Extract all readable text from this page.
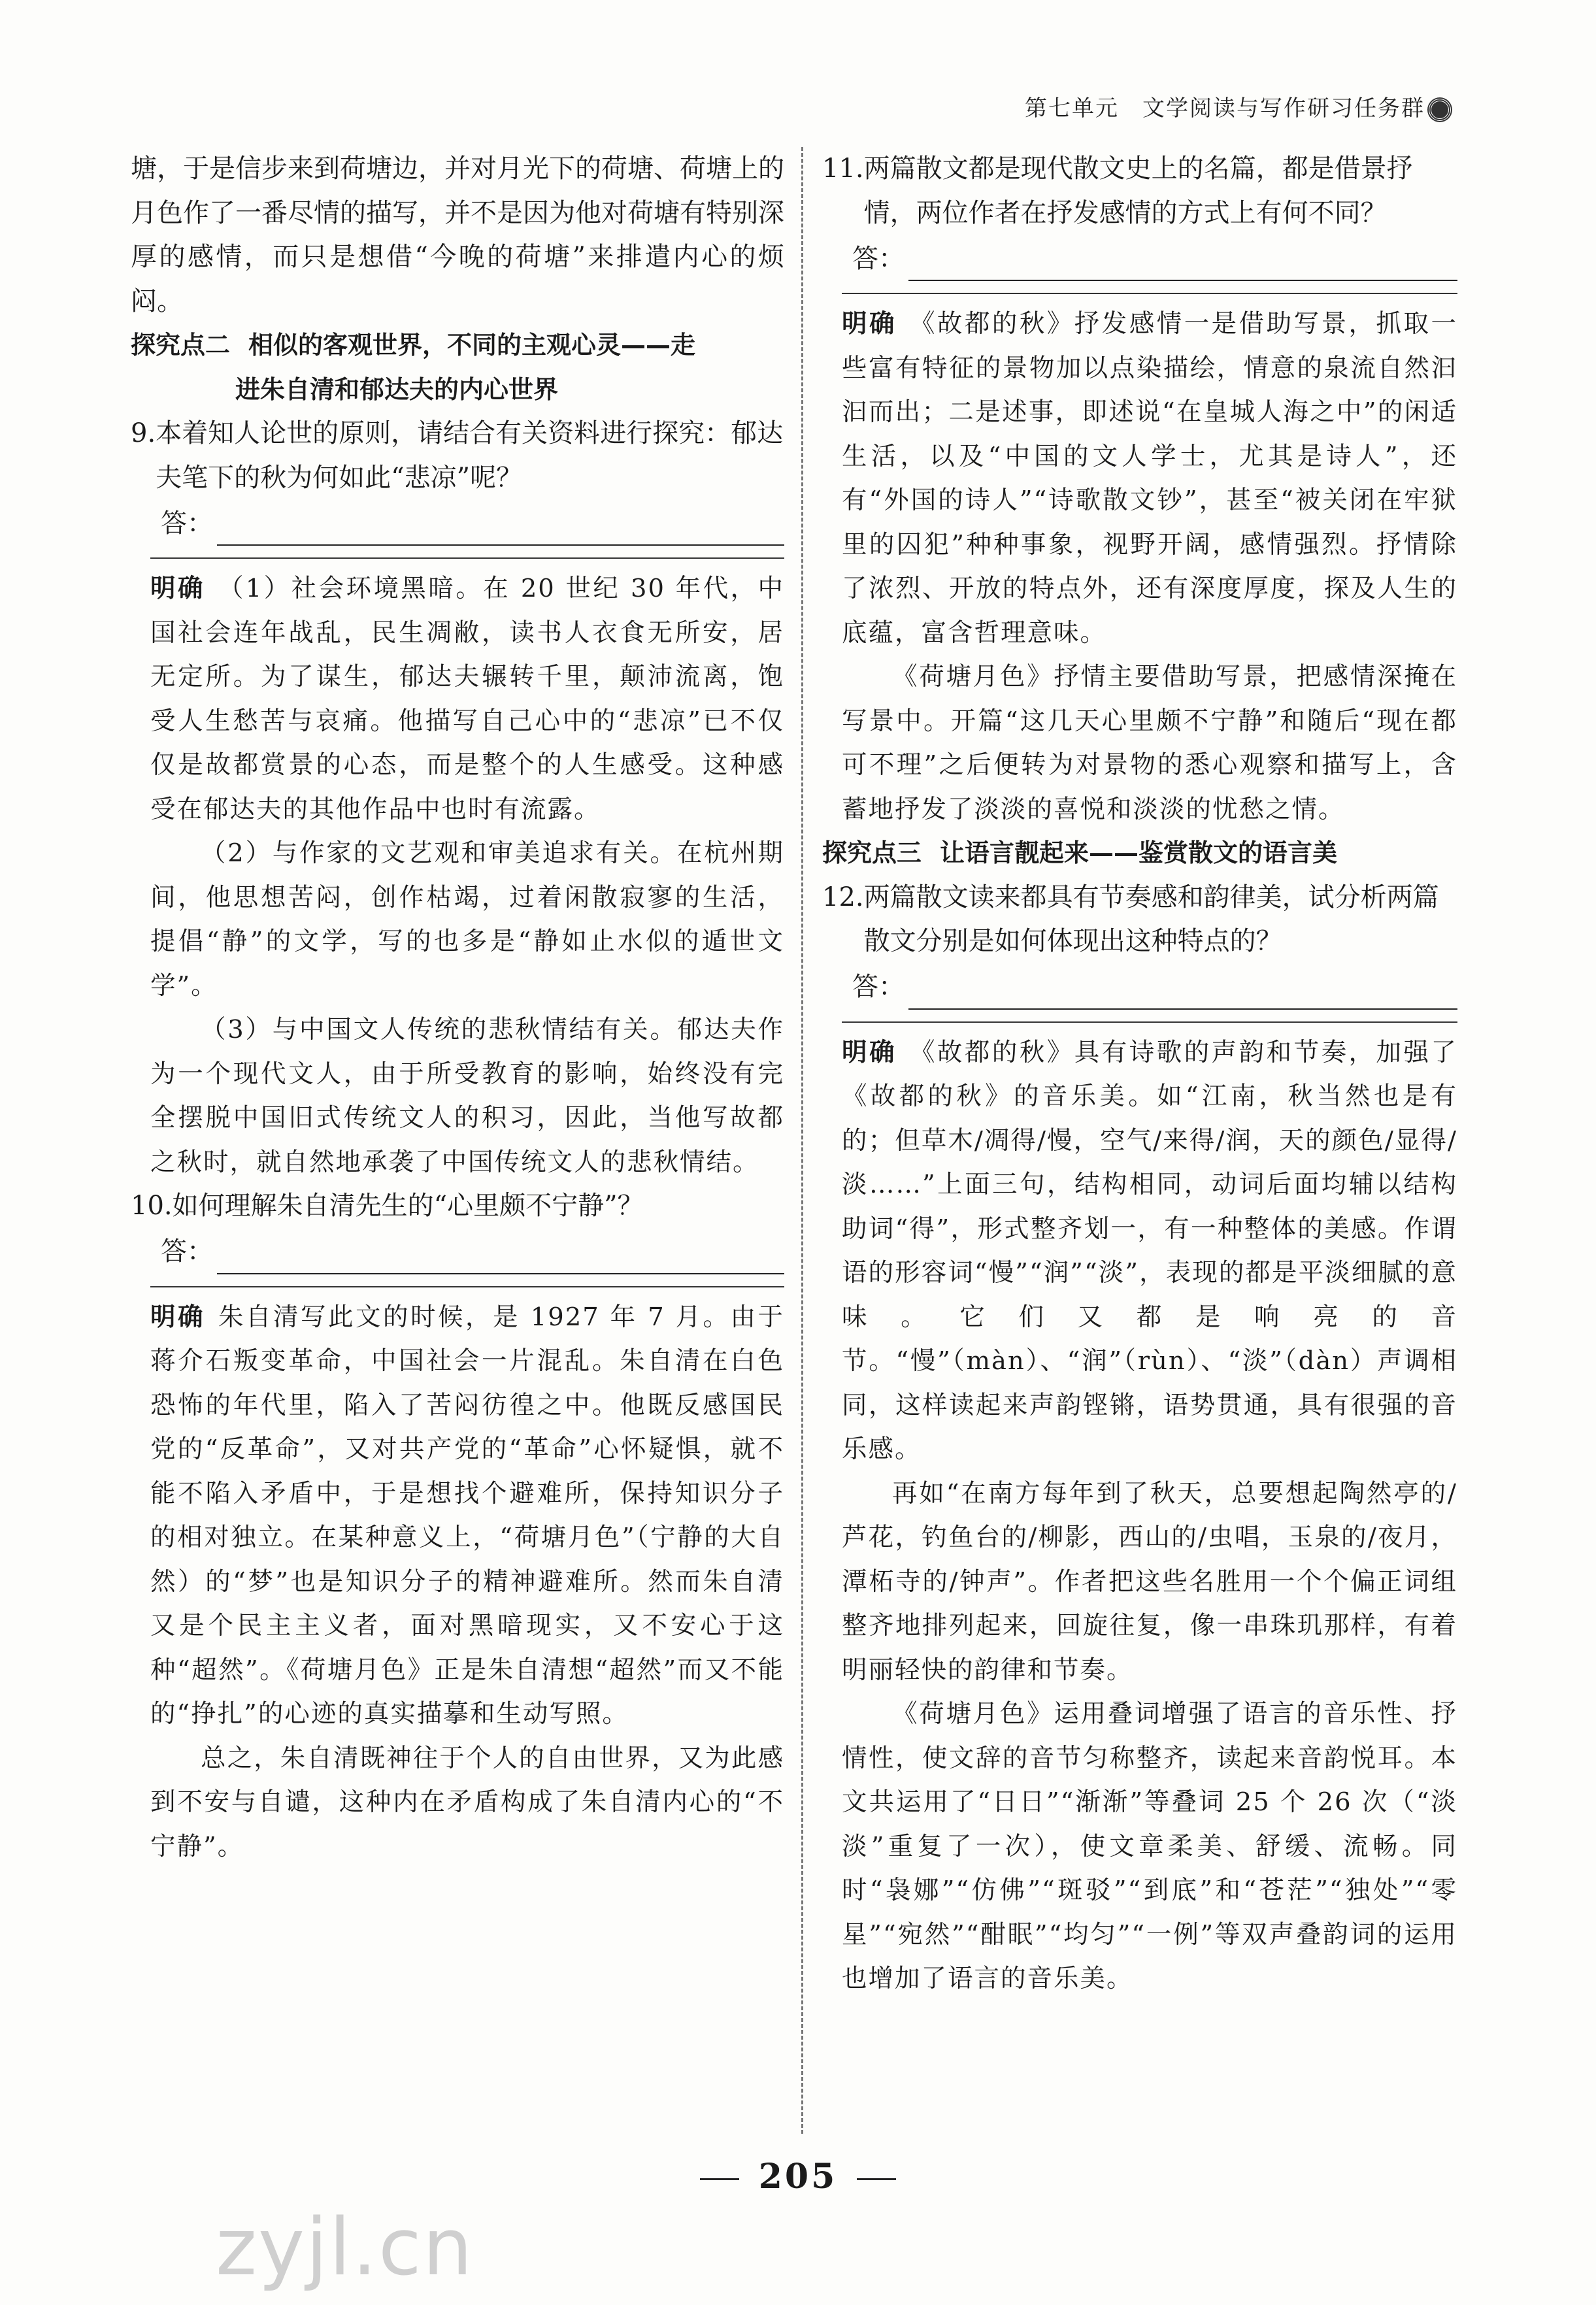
第七单元　文学阅读与写作研习任务群

塘，于是信步来到荷塘边，并对月光下的荷塘、荷塘上的月色作了一番尽情的描写，并不是因为他对荷塘有特别深厚的感情，而只是想借“今晚的荷塘”来排遣内心的烦闷。

探究点二 相似的客观世界，不同的主观心灵——走
进朱自清和郁达夫的内心世界
9. 本着知人论世的原则，请结合有关资料进行探究：郁达夫笔下的秋为何如此“悲凉”呢？
答：

明确 （1）社会环境黑暗。在 20 世纪 30 年代，中国社会连年战乱，民生凋敝，读书人衣食无所安，居无定所。为了谋生，郁达夫辗转千里，颠沛流离，饱受人生愁苦与哀痛。他描写自己心中的“悲凉”已不仅仅是故都赏景的心态，而是整个的人生感受。这种感受在郁达夫的其他作品中也时有流露。

（2）与作家的文艺观和审美追求有关。在杭州期间，他思想苦闷，创作枯竭，过着闲散寂寥的生活，提倡“静”的文学，写的也多是“静如止水似的遁世文学”。

（3）与中国文人传统的悲秋情结有关。郁达夫作为一个现代文人，由于所受教育的影响，始终没有完全摆脱中国旧式传统文人的积习，因此，当他写故都之秋时，就自然地承袭了中国传统文人的悲秋情结。

10. 如何理解朱自清先生的“心里颇不宁静”？
答：

明确 朱自清写此文的时候，是 1927 年 7 月。由于蒋介石叛变革命，中国社会一片混乱。朱自清在白色恐怖的年代里，陷入了苦闷彷徨之中。他既反感国民党的“反革命”，又对共产党的“革命”心怀疑惧，就不能不陷入矛盾中，于是想找个避难所，保持知识分子的相对独立。在某种意义上，“荷塘月色”（宁静的大自然）的“梦”也是知识分子的精神避难所。然而朱自清又是个民主主义者，面对黑暗现实，又不安心于这种“超然”。《荷塘月色》正是朱自清想“超然”而又不能的“挣扎”的心迹的真实描摹和生动写照。

总之，朱自清既神往于个人的自由世界，又为此感到不安与自谴，这种内在矛盾构成了朱自清内心的“不宁静”。

11. 两篇散文都是现代散文史上的名篇，都是借景抒情，两位作者在抒发感情的方式上有何不同？
答：

明确 《故都的秋》抒发感情一是借助写景，抓取一些富有特征的景物加以点染描绘，情意的泉流自然汩汩而出；二是述事，即述说“在皇城人海之中”的闲适生活，以及“中国的文人学士，尤其是诗人”，还有“外国的诗人”“诗歌散文钞”，甚至“被关闭在牢狱里的囚犯”种种事象，视野开阔，感情强烈。抒情除了浓烈、开放的特点外，还有深度厚度，探及人生的底蕴，富含哲理意味。

《荷塘月色》抒情主要借助写景，把感情深掩在写景中。开篇“这几天心里颇不宁静”和随后“现在都可不理”之后便转为对景物的悉心观察和描写上，含蓄地抒发了淡淡的喜悦和淡淡的忧愁之情。

探究点三 让语言靓起来——鉴赏散文的语言美
12. 两篇散文读来都具有节奏感和韵律美，试分析两篇散文分别是如何体现出这种特点的？
答：

明确 《故都的秋》具有诗歌的声韵和节奏，加强了《故都的秋》的音乐美。如“江南，秋当然也是有的；但草木/凋得/慢，空气/来得/润，天的颜色/显得/淡……”上面三句，结构相同，动词后面均辅以结构助词“得”，形式整齐划一，有一种整体的美感。作谓语的形容词“慢”“润”“淡”，表现的都是平淡细腻的意味。它们又都是响亮的音节。“慢”（màn）、“润”（rùn）、“淡”（dàn）声调相同，这样读起来声韵铿锵，语势贯通，具有很强的音乐感。

再如“在南方每年到了秋天，总要想起陶然亭的/芦花，钓鱼台的/柳影，西山的/虫唱，玉泉的/夜月，潭柘寺的/钟声”。作者把这些名胜用一个个偏正词组整齐地排列起来，回旋往复，像一串珠玑那样，有着明丽轻快的韵律和节奏。

《荷塘月色》运用叠词增强了语言的音乐性、抒情性，使文辞的音节匀称整齐，读起来音韵悦耳。本文共运用了“日日”“渐渐”等叠词 25 个 26 次（“淡淡”重复了一次），使文章柔美、舒缓、流畅。同时“袅娜”“仿佛”“斑驳”“到底”和“苍茫”“独处”“零星”“宛然”“酣眠”“均匀”“一例”等双声叠韵词的运用也增加了语言的音乐美。

205
zyjl.cn
